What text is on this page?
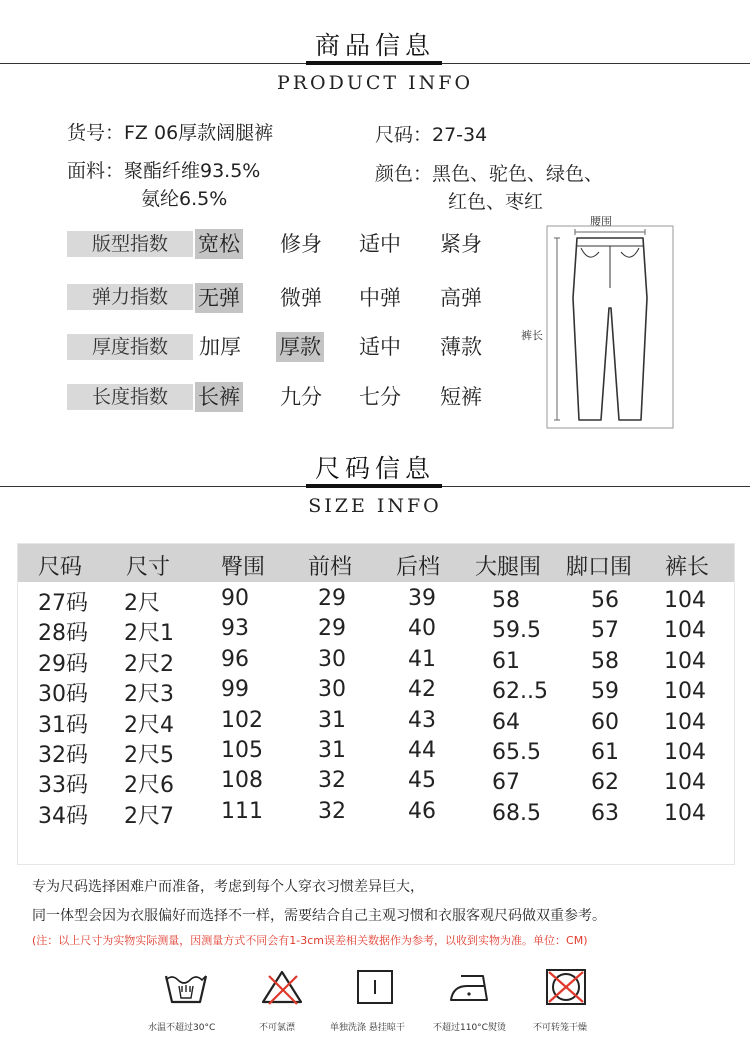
商品信息
PRODUCT INFO
货号：FZ 06厚款阔腿裤	尺码：27-34
面料：聚酯纤维93.5%
氨纶6.5%
颜色：黑色、驼色、绿色、
红色、枣红
版型指数	宽松 修身 适中 紧身
弹力指数	无弹 微弹 中弹 高弹
厚度指数	加厚 厚款 适中 薄款
长度指数	长裤 九分 七分 短裤
腰围
裤长
尺码信息
SIZE INFO
尺码 尺寸 臀围 前档 后档 大腿围 脚口围 裤长
27码 2尺	90	29	39	58	56 104
28码 2尺1 93	29	40	59.5 57 104
29码 2尺2 96	30	41	61	58 104
30码 2尺3 99	30	42	62..5 59 104
31码 2尺4 102	31	43	64	60 104
32码 2尺5 105	31	44	65.5 61 104
33码 2尺6 108	32	45	67	62 104
34码 2尺7 111	32	46	68.5 63 104
专为尺码选择困难户而准备，考虑到每个人穿衣习惯差异巨大，
同一体型会因为衣服偏好而选择不一样，需要结合自己主观习惯和衣服客观尺码做双重参考。
(注：以上尺寸为实物实际测量，因测量方式不同会有1-3cm误差相关数据作为参考，以收到实物为准。单位：CM)
水温不超过30°C	不可氯漂	单独洗涤 悬挂晾干	不超过110°C熨烫	不可转笼干燥
